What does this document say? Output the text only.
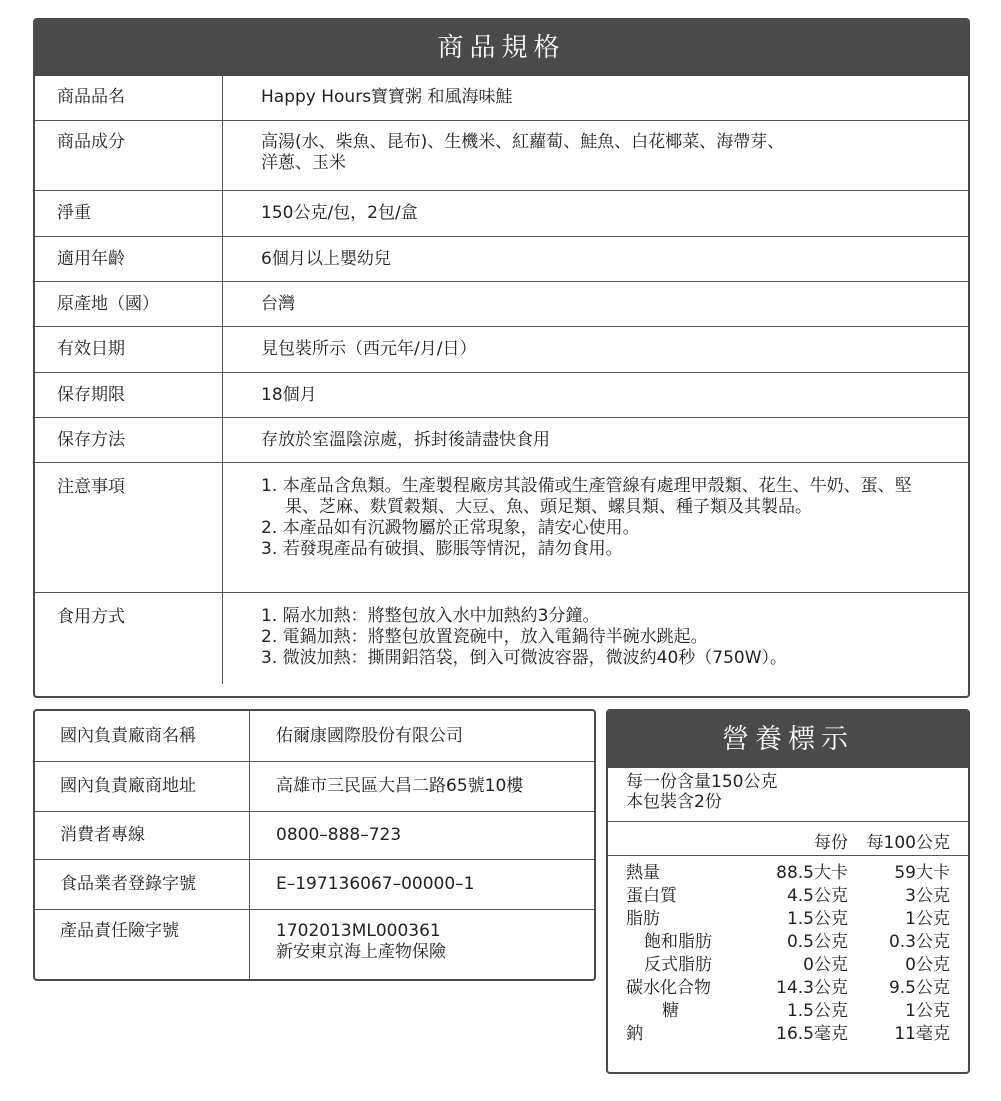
商品規格
商品品名	Happy Hours寶寶粥 和風海味鮭
商品成分	高湯(水、柴魚、昆布)、生機米、紅蘿蔔、鮭魚、白花椰菜、海帶芽、
洋蔥、玉米

淨重	150公克/包，2包/盒
適用年齡	6個月以上嬰幼兒
原產地（國）	台灣
有效日期	見包裝所示（西元年/月/日）
保存期限	18個月
保存方法	存放於室溫陰涼處，拆封後請盡快食用
注意事項	1. 本產品含魚類。生產製程廠房其設備或生產管線有處理甲殼類、花生、牛奶、蛋、堅果、芝麻、麩質穀類、大豆、魚、頭足類、螺貝類、種子類及其製品。
2. 本產品如有沉澱物屬於正常現象，請安心使用。
3. 若發現產品有破損、膨脹等情況，請勿食用。

食用方式	1. 隔水加熱：將整包放入水中加熱約3分鐘。
2. 電鍋加熱：將整包放置瓷碗中，放入電鍋待半碗水跳起。
3. 微波加熱：撕開鋁箔袋，倒入可微波容器，微波約40秒（750W）。
國內負責廠商名稱	佑爾康國際股份有限公司
國內負責廠商地址	高雄市三民區大昌二路65號10樓
消費者專線	0800–888–723
食品業者登錄字號	E–197136067–00000–1
產品責任險字號	1702013ML000361
新安東京海上產物保險
營養標示
每一份含量150公克
本包裝含2份
每份 每100公克
熱量	88.5大卡	59大卡
蛋白質	4.5公克	3公克
脂肪	1.5公克	1公克
飽和脂肪	0.5公克 0.3公克
反式脂肪	0公克	0公克
碳水化合物	14.3公克 9.5公克
糖	1.5公克	1公克
鈉	16.5毫克	11毫克
